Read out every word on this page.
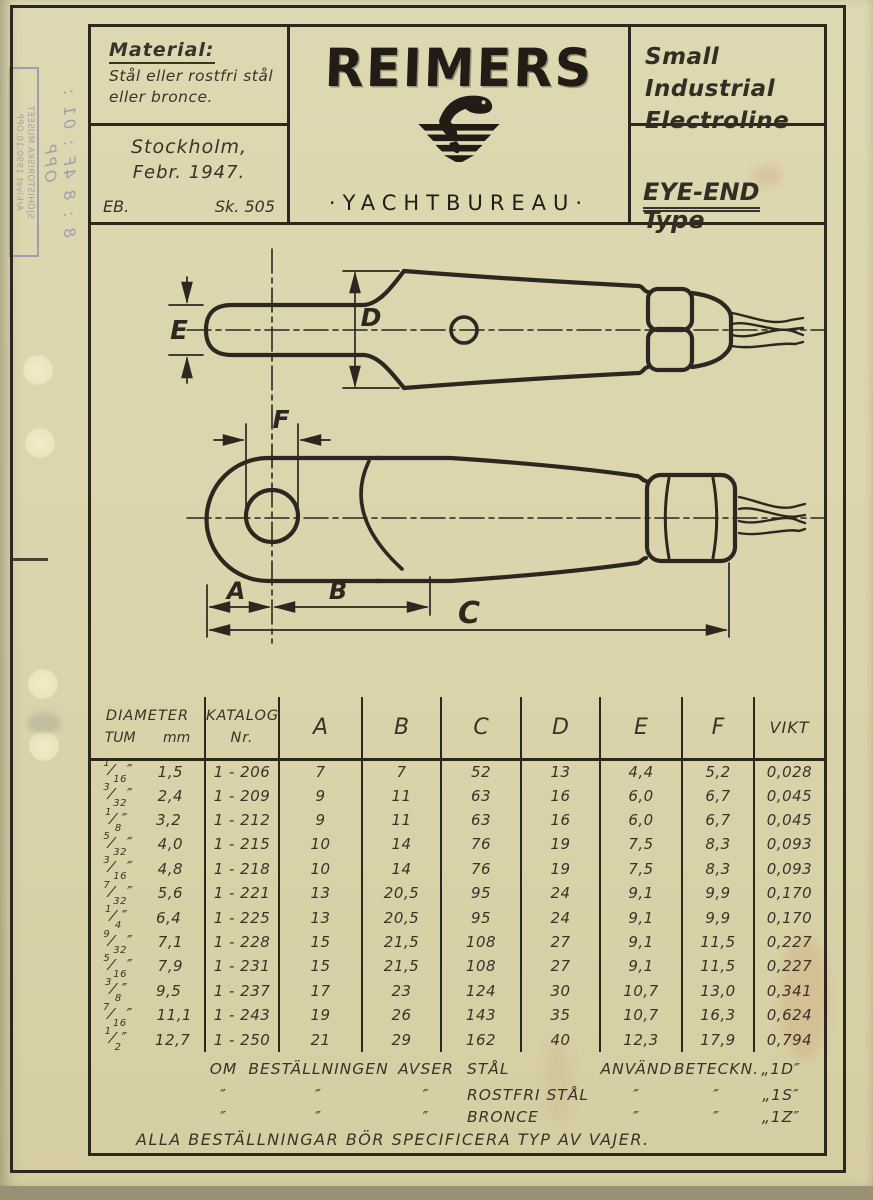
8 : 8 4F : 01 : OPP
SJÖHISTORISKA MUSEET
Arkivet 1990:10:OPP
Material:
Stål eller rostfri stål
eller bronce.
Stockholm,
Febr. 1947.
EB.	Sk. 505
REIMERS
·YACHTBUREAU·
Small Industrial
Electroline
EYE-END Type
E	D
F
A	B
C
DIAMETER
TUM mm

KATALOG
Nr.	A	B	C	D	E	F	VIKT

$^1⁄_{16}''$ 1,5	1 - 206	7	7	52	13	4,4	5,2	0,028

$^3⁄_{32}''$ 2,4	1 - 209	9	11	63	16	6,0	6,7	0,045

$^1⁄_8''$ 3,2	1 - 212	9	11	63	16	6,0	6,7	0,045

$^5⁄_{32}''$ 4,0	1 - 215	10	14	76	19	7,5	8,3	0,093

$^3⁄_{16}''$ 4,8	1 - 218	10	14	76	19	7,5	8,3	0,093

$^7⁄_{32}''$ 5,6	1 - 221	13	20,5	95	24	9,1	9,9	0,170

$^1⁄_4''$ 6,4	1 - 225	13	20,5	95	24	9,1	9,9	0,170

$^9⁄_{32}''$ 7,1	1 - 228	15	21,5	108	27	9,1	11,5	0,227

$^5⁄_{16}''$ 7,9	1 - 231	15	21,5	108	27	9,1	11,5	0,227

$^3⁄_8''$ 9,5	1 - 237	17	23	124	30	10,7	13,0	0,341

$^7⁄_{16}''$ 11,1	1 - 243	19	26	143	35	10,7	16,3	0,624

$^1⁄_2''$ 12,7	1 - 250	21	29	162	40	12,3	17,9	0,794
ALLA BESTÄLLNINGAR BÖR SPECIFICERA TYP AV VAJER.
OM BESTÄLLNINGEN AVSER STÅL	ANVÄND BETECKN. „1D″
″	″	″	ROSTFRI STÅL	″	″	„1S″
″	″	″	BRONCE	″	″	„1Z″
